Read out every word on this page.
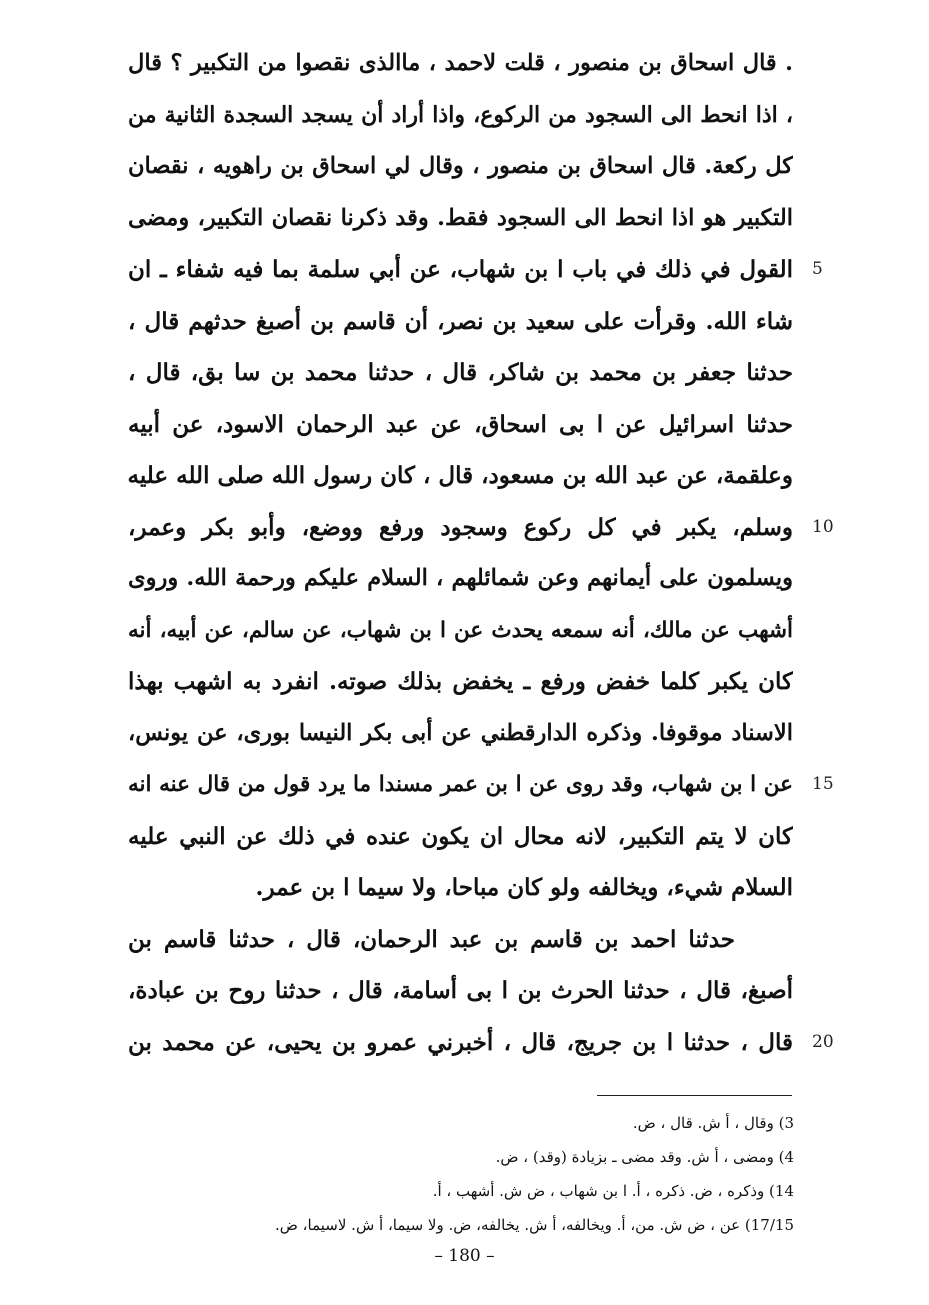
. قال اسحاق بن منصور ، قلت لاحمد ، ماالذى نقصوا من التكبير ؟ قال
، اذا انحط الى السجود من الركوع، واذا أراد أن يسجد السجدة الثانية من
كل ركعة. قال اسحاق بن منصور ، وقال لي اسحاق بن راهويه ، نقصان
التكبير هو اذا انحط الى السجود فقط. وقد ذكرنا نقصان التكبير، ومضى
القول في ذلك في باب ا بن شهاب، عن أبي سلمة بما فيه شفاء ـ ان
شاء الله. وقرأت على سعيد بن نصر، أن قاسم بن أصبغ حدثهم قال ،
حدثنا جعفر بن محمد بن شاكر، قال ، حدثنا محمد بن سا بق، قال ،
حدثنا اسرائيل عن ا بى اسحاق، عن عبد الرحمان الاسود، عن أبيه
وعلقمة، عن عبد الله بن مسعود، قال ، كان رسول الله صلى الله عليه
وسلم، يكبر في كل ركوع وسجود ورفع ووضع، وأبو بكر وعمر،
ويسلمون على أيمانهم وعن شمائلهم ، السلام عليكم ورحمة الله. وروى
أشهب عن مالك، أنه سمعه يحدث عن ا بن شهاب، عن سالم، عن أبيه، أنه
كان يكبر كلما خفض ورفع ـ يخفض بذلك صوته. انفرد به اشهب بهذا
الاسناد موقوفا. وذكره الدارقطني عن أبى بكر النيسا بورى، عن يونس،
عن ا بن شهاب، وقد روى عن ا بن عمر مسندا ما يرد قول من قال عنه انه
كان لا يتم التكبير، لانه محال ان يكون عنده في ذلك عن النبي عليه
السلام شيء، ويخالفه ولو كان مباحا، ولا سيما ا بن عمر.
حدثنا احمد بن قاسم بن عبد الرحمان، قال ، حدثنا قاسم بن
أصبغ، قال ، حدثنا الحرث بن ا بى أسامة، قال ، حدثنا روح بن عبادة،
قال ، حدثنا ا بن جريج، قال ، أخبرني عمرو بن يحيى، عن محمد بن
5
10
15
20
3) وقال ، أ ش. قال ، ض.
4) ومضى ، أ ش. وقد مضى ـ بزيادة (وقد) ، ض.
14) وذكره ، ض. ذكره ، أ. ا بن شهاب ، ض ش. أشهب ، أ.
17/15) عن ، ض ش. من، أ. ويخالفه، أ ش. يخالفه، ض. ولا سيما، أ ش. لاسيما، ض.
– 180 –
